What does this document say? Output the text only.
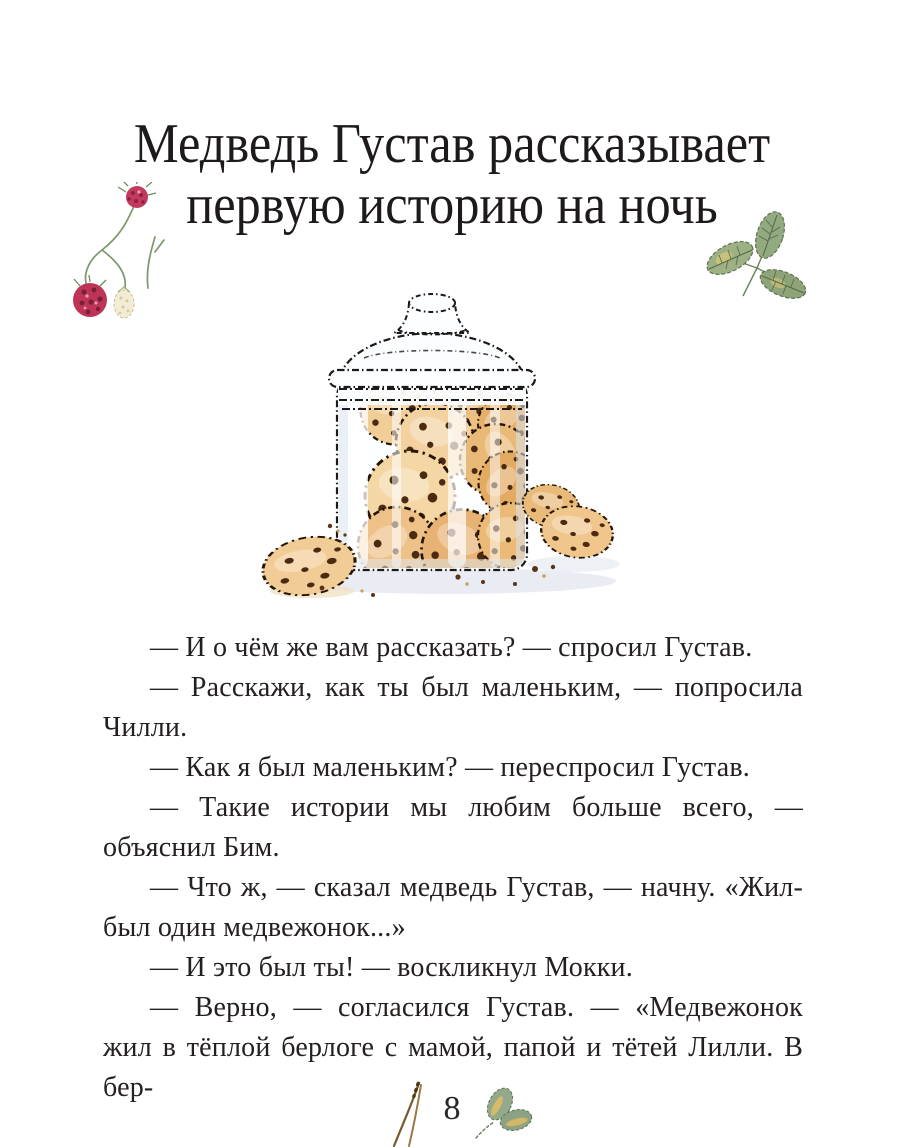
Медведь Густав рассказывает
первую историю на ночь

— И о чём же вам рассказать? — спросил Густав.

— Расскажи, как ты был маленьким, — попросила Чилли.

— Как я был маленьким? — переспросил Густав.

— Такие истории мы любим больше всего, — объяснил Бим.

— Что ж, — сказал медведь Густав, — начну. «Жил-был один медвежонок...»

— И это был ты! — воскликнул Мокки.

— Верно, — согласился Густав. — «Медвежонок жил в тёплой берлоге с мамой, папой и тётей Лилли. В бер-

8
